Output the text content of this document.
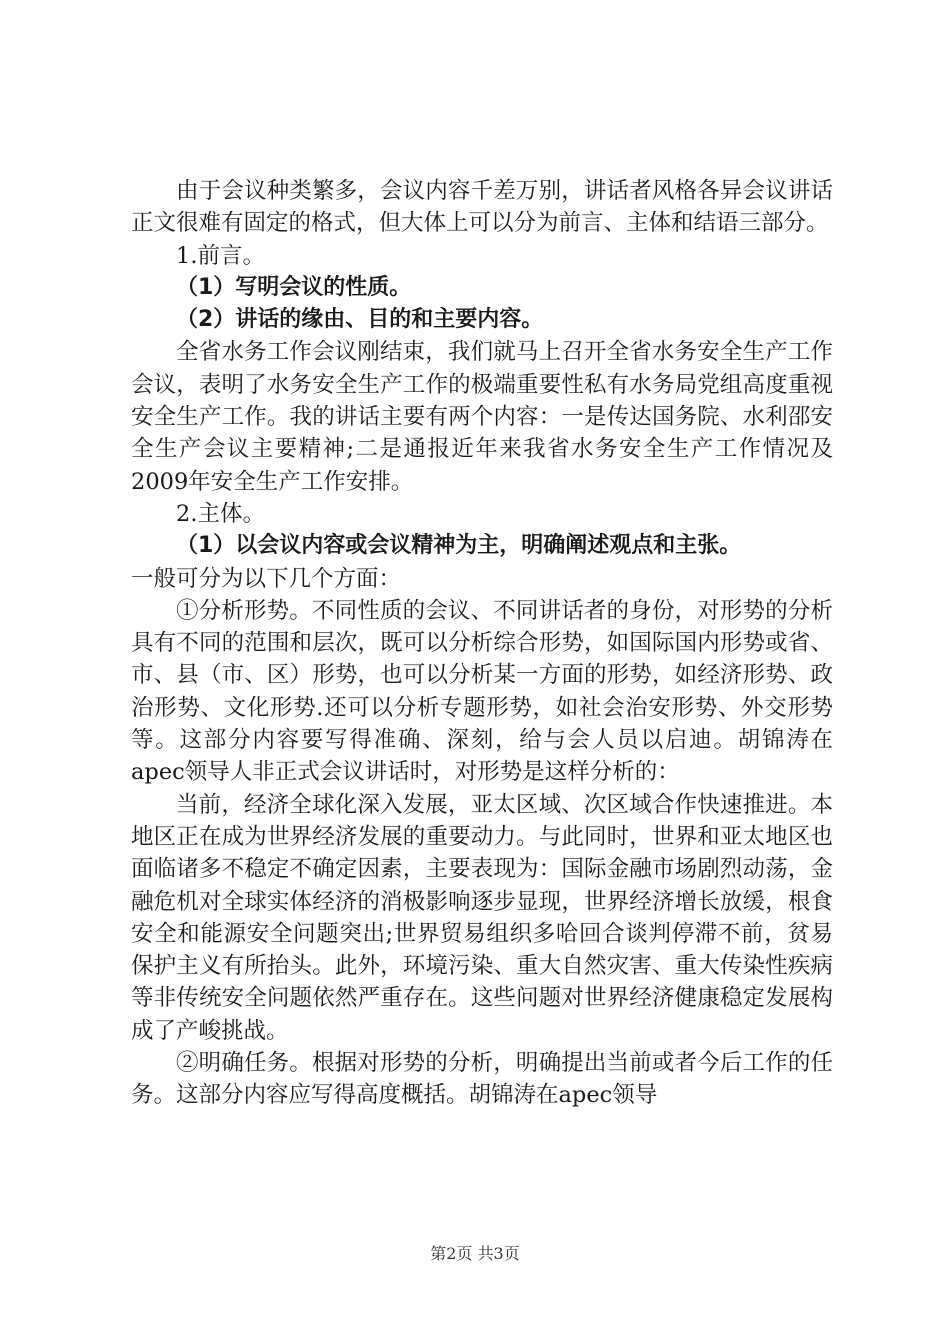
由于会议种类繁多，会议内容千差万别，讲话者风格各异会议讲话正文很难有固定的格式，但大体上可以分为前言、主体和结语三部分。

1.前言。

（1）写明会议的性质。

（2）讲话的缘由、目的和主要内容。

全省水务工作会议刚结束，我们就马上召开全省水务安全生产工作会议，表明了水务安全生产工作的极端重要性私有水务局党组高度重视安全生产工作。我的讲话主要有两个内容：一是传达国务院、水利邵安全生产会议主要精神;二是通报近年来我省水务安全生产工作情况及2009年安全生产工作安排。

2.主体。

（1）以会议内容或会议精神为主，明确阐述观点和主张。

一般可分为以下几个方面：

①分析形势。不同性质的会议、不同讲话者的身份，对形势的分析具有不同的范围和层次，既可以分析综合形势，如国际国内形势或省、市、县（市、区）形势，也可以分析某一方面的形势，如经济形势、政治形势、文化形势.还可以分析专题形势，如社会治安形势、外交形势等。这部分内容要写得准确、深刻，给与会人员以启迪。胡锦涛在apec领导人非正式会议讲话时，对形势是这样分析的：

当前，经济全球化深入发展，亚太区域、次区域合作快速推进。本地区正在成为世界经济发展的重要动力。与此同时，世界和亚太地区也面临诸多不稳定不确定因素，主要表现为：国际金融市场剧烈动荡，金融危机对全球实体经济的消极影响逐步显现，世界经济增长放缓，根食安全和能源安全问题突出;世界贸易组织多哈回合谈判停滞不前，贫易保护主义有所抬头。此外，环境污染、重大自然灾害、重大传染性疾病等非传统安全问题依然严重存在。这些问题对世界经济健康稳定发展构成了产峻挑战。

②明确任务。根据对形势的分析，明确提出当前或者今后工作的任务。这部分内容应写得高度概括。胡锦涛在apec领导

第2页 共3页
